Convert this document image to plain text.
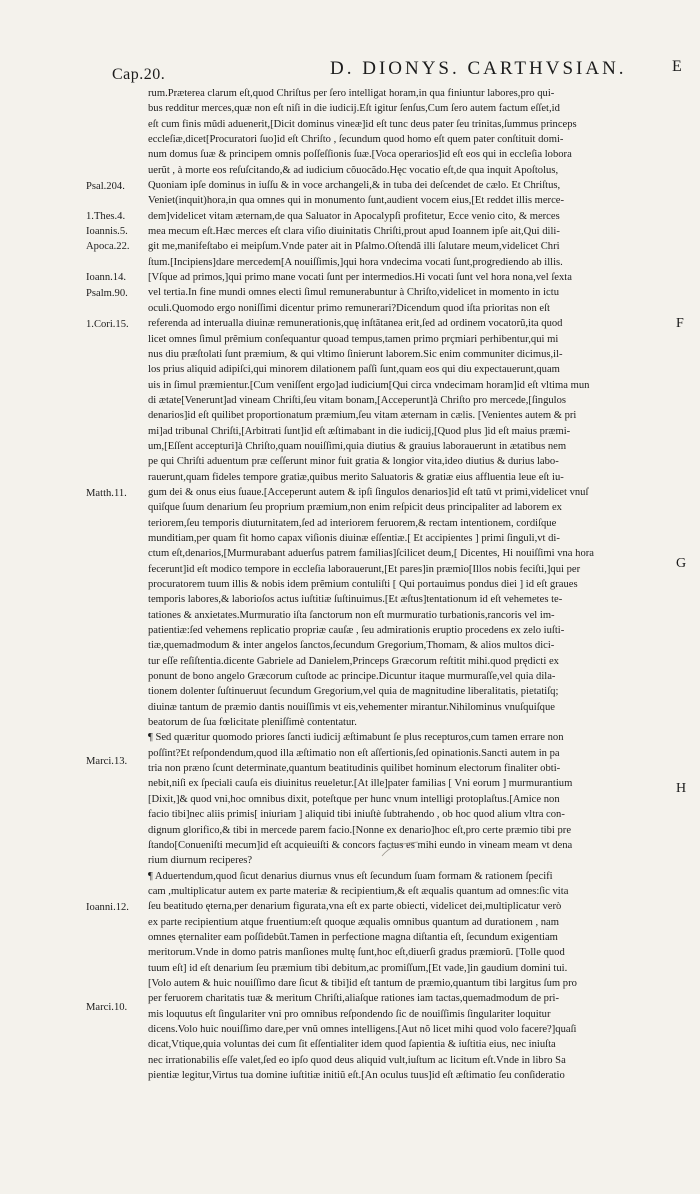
Cap.20.	D. DIONYS. CARTHVSIAN.	E
Psal.204.
1.Thes.4.
Ioannis.5.
Apoca.22.
Ioann.14.
Psalm.90.
1.Cori.15.
Matth.11.
Marci.13.
Ioanni.12.
Marci.10.
F
G
H
rum.Præterea clarum eſt,quod Chriſtus per ſero intelligat horam,in qua finiuntur labores,pro qui-
bus redditur merces,quæ non eſt niſi in die iudicij.Eſt igitur ſenſus,Cum ſero autem factum eſſet,id
eſt cum finis mũdi aduenerit,[Dicit dominus vineæ]id eſt tunc deus pater ſeu trinitas,ſummus princeps
eccleſiæ,dicet[Procuratori ſuo]id eſt Chriſto , ſecundum quod homo eſt quem pater conſtituit domi-
num domus ſuæ & principem omnis poſſeſſionis ſuæ.[Voca operarios]id eſt eos qui in eccleſia lobora
uerũt , à morte eos reſuſcitando,& ad iudicium cõuocãdo.Hęc vocatio eſt,de qua inquit Apoſtolus,
Quoniam ipſe dominus in iuſſu & in voce archangeli,& in tuba dei deſcendet de cælo. Et Chriſtus,
Veniet(inquit)hora,in qua omnes qui in monumento ſunt,audient vocem eius,[Et reddet illis merce-
dem]videlicet vitam æternam,de qua Saluator in Apocalypſi profitetur, Ecce venio cito, & merces
mea mecum eſt.Hæc merces eſt clara viſio diuinitatis Chriſti,prout apud Ioannem ipſe ait,Qui dili-
git me,manifeſtabo ei meipſum.Vnde pater ait in Pſalmo.Oſtendã illi ſalutare meum,videlicet Chri
ſtum.[Incipiens]dare mercedem[A nouiſſimis,]qui hora vndecima vocati ſunt,progrediendo ab illis.
[Vſque ad primos,]qui primo mane vocati ſunt per intermedios.Hi vocati ſunt vel hora nona,vel ſexta
vel tertia.In fine mundi omnes electi ſimul remunerabuntur à Chriſto,videlicet in momento in ictu
oculi.Quomodo ergo noniſſimi dicentur primo remunerari?Dicendum quod iſta prioritas non eſt
referenda ad interualla diuinæ remunerationis,quę inſtãtanea erit,ſed ad ordinem vocatorũ,ita quod
licet omnes ſimul prẽmium conſequantur quoad tempus,tamen primo prçmiari perhibentur,qui mi
nus diu præſtolati ſunt præmium, & qui vltimo ſinierunt laborem.Sic enim communiter dicimus,il-
los prius aliquid adipiſci,qui minorem dilationem paſſi ſunt,quam eos qui diu expectauerunt,quam
uis in ſimul præmientur.[Cum veniſſent ergo]ad iudicium[Qui circa vndecimam horam]id eſt vltima mun
di ætate[Venerunt]ad vineam Chriſti,ſeu vitam bonam,[Acceperunt]à Chriſto pro mercede,[ſingulos
denarios]id eſt quilibet proportionatum præmium,ſeu vitam æternam in cælis. [Venientes autem & pri
mi]ad tribunal Chriſti,[Arbitrati ſunt]id eſt æſtimabant in die iudicij,[Quod plus ]id eſt maius præmi-
um,[Eſſent accepturi]à Chriſto,quam nouiſſimi,quia diutius & grauius laborauerunt in ætatibus nem
pe qui Chriſti aduentum præ ceſſerunt minor fuit gratia & longior vita,ideo diutius & durius labo-
rauerunt,quam fideles tempore gratiæ,quibus merito Saluatoris & gratiæ eius affluentia leue eſt iu-
gum dei & onus eius ſuaue.[Acceperunt autem & ipſi ſingulos denarios]id eſt tatũ vt primi,videlicet vnuſ
quiſque ſuum denarium ſeu proprium præmium,non enim reſpicit deus principaliter ad laborem ex
teriorem,ſeu temporis diuturnitatem,ſed ad interiorem feruorem,& rectam intentionem, cordiſque
munditiam,per quam fit homo capax viſionis diuinæ eſſentiæ.[ Et accipientes ] primi ſinguli,vt di-
ctum eſt,denarios,[Murmurabant aduerſus patrem familias]ſcilicet deum,[ Dicentes, Hi nouiſſimi vna hora
fecerunt]id eſt modico tempore in eccleſia laborauerunt,[Et pares]in præmio[Illos nobis feciſti,]qui per
procuratorem tuum illis & nobis idem prẽmium contuliſti [ Qui portauimus pondus diei ] id eſt graues
temporis labores,& laborioſos actus iuſtitiæ ſuſtinuimus.[Et æſtus]tentationum id eſt vehemetes te-
tationes & anxietates.Murmuratio iſta ſanctorum non eſt murmuratio turbationis,rancoris vel im-
patientiæ:ſed vehemens replicatio propriæ cauſæ , ſeu admirationis eruptio procedens ex zelo iuſti-
tiæ,quemadmodum & inter angelos ſanctos,ſecundum Gregorium,Thomam, & alios multos dici-
tur eſſe reſiſtentia.dicente Gabriele ad Danielem,Princeps Græcorum reſtitit mihi.quod prędicti ex
ponunt de bono angelo Græcorum cuſtode ac principe.Dicuntur itaque murmuraſſe,vel quia dila-
tionem dolenter ſuſtinueruut ſecundum Gregorium,vel quia de magnitudine liberalitatis, pietatiſq;
diuinæ tantum de præmio dantis nouiſſimis vt eis,vehementer mirantur.Nihilominus vnuſquiſque
beatorum de ſua fœlicitate pleniſſimè contentatur.
¶ Sed quæritur quomodo priores ſancti iudicij æſtimabunt ſe plus recepturos,cum tamen errare non
poſſint?Et reſpondendum,quod illa æſtimatio non eſt aſſertionis,ſed opinationis.Sancti autem in pa
tria non præno ſcunt determinate,quantum beatitudinis quilibet hominum electorum finaliter obti-
nebit,niſi ex ſpeciali cauſa eis diuinitus reueletur.[At ille]pater familias [ Vni eorum ] murmurantium
[Dixit,]& quod vni,hoc omnibus dixit, poteſtque per hunc vnum intelligi protoplaſtus.[Amice non
facio tibi]nec aliis primis[ iniuriam ] aliquid tibi iniuſtè ſubtrahendo , ob hoc quod alium vltra con-
dignum glorifico,& tibi in mercede parem facio.[Nonne ex denario]hoc eſt,pro certe præmio tibi pre
ſtando[Conueniſti mecum]id eſt acquieuiſti & concors factus es mihi eundo in vineam meam vt dena
rium diurnum reciperes?
¶ Aduertendum,quod ſicut denarius diurnus vnus eſt ſecundum ſuam formam & rationem ſpecifi
cam ,multiplicatur autem ex parte materiæ & recipientium,& eſt æqualis quantum ad omnes:ſic vita
ſeu beatitudo ęterna,per denarium figurata,vna eſt ex parte obiecti, videlicet dei,multiplicatur verò
ex parte recipientium atque fruentium:eſt quoque æqualis omnibus quantum ad durationem , nam
omnes ęternaliter eam poſſidebũt.Tamen in perfectione magna diſtantia eſt, ſecundum exigentiam
meritorum.Vnde in domo patris manſiones multę ſunt,hoc eſt,diuerſi gradus præmiorũ. [Tolle quod
tuum eſt] id eſt denarium ſeu præmium tibi debitum,ac promiſſum,[Et vade,]in gaudium domini tui.
[Volo autem & huic nouiſſimo dare ſicut & tibi]id eſt tantum de præmio,quantum tibi largitus ſum pro
per feruorem charitatis tuæ & meritum Chriſti,aliaſque rationes iam tactas,quemadmodum de pri-
mis loquutus eſt ſingulariter vni pro omnibus reſpondendo ſic de nouiſſimis ſingulariter loquitur
dicens.Volo huic nouiſſimo dare,per vnũ omnes intelligens.[Aut nõ licet mihi quod volo facere?]quaſi
dicat,Vtique,quia voluntas dei cum ſit eſſentialiter idem quod ſapientia & iuſtitia eius, nec iniuſta
nec irrationabilis eſſe valet,ſed eo ipſo quod deus aliquid vult,iuſtum ac licitum eſt.Vnde in libro Sa
pientiæ legitur,Virtus tua domine iuſtitiæ initiũ eſt.[An oculus tuus]id eſt æſtimatio ſeu conſideratio
